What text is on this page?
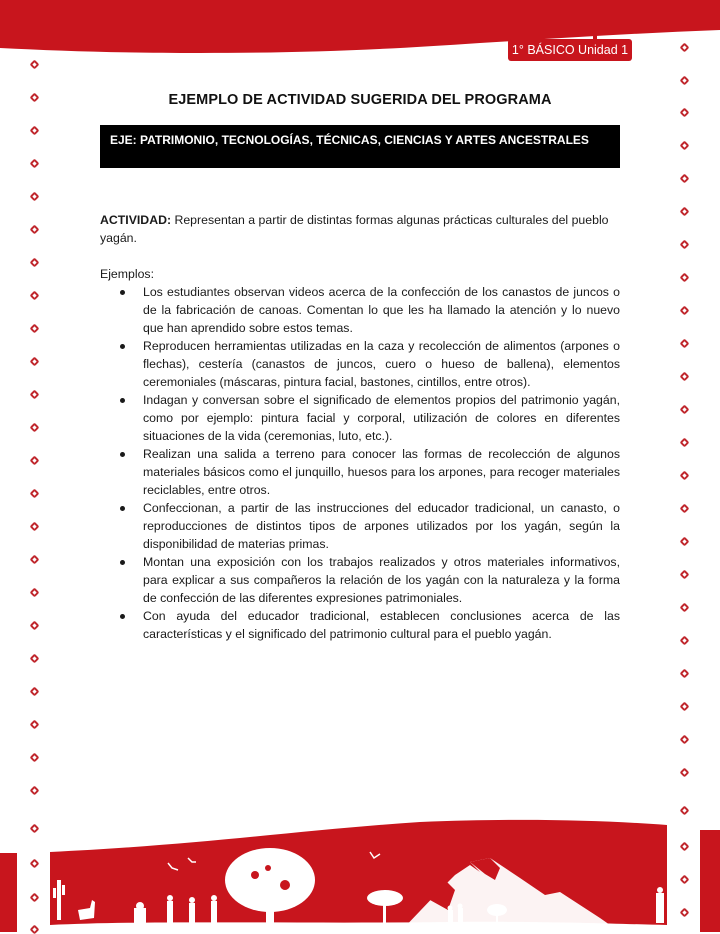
1° BÁSICO Unidad 1
EJEMPLO DE ACTIVIDAD SUGERIDA DEL PROGRAMA
EJE: PATRIMONIO, TECNOLOGÍAS, TÉCNICAS, CIENCIAS Y ARTES ANCESTRALES

ACTIVIDAD: Representan a partir de distintas formas algunas prácticas culturales del pueblo yagán.

Ejemplos:

Los estudiantes observan videos acerca de la confección de los canastos de juncos o de la fabricación de canoas. Comentan lo que les ha llamado la atención y lo nuevo que han aprendido sobre estos temas.
Reproducen herramientas utilizadas en la caza y recolección de alimentos (arpones o flechas), cestería (canastos de juncos, cuero o hueso de ballena), elementos ceremoniales (máscaras, pintura facial, bastones, cintillos, entre otros).
Indagan y conversan sobre el significado de elementos propios del patrimonio yagán, como por ejemplo: pintura facial y corporal, utilización de colores en diferentes situaciones de la vida (ceremonias, luto, etc.).
Realizan una salida a terreno para conocer las formas de recolección de algunos materiales básicos como el junquillo, huesos para los arpones, para recoger materiales reciclables, entre otros.
Confeccionan, a partir de las instrucciones del educador tradicional, un canasto, o reproducciones de distintos tipos de arpones utilizados por los yagán, según la disponibilidad de materias primas.
Montan una exposición con los trabajos realizados y otros materiales informativos, para explicar a sus compañeros la relación de los yagán con la naturaleza y la forma de confección de las diferentes expresiones patrimoniales.
Con ayuda del educador tradicional, establecen conclusiones acerca de las características y el significado del patrimonio cultural para el pueblo yagán.
